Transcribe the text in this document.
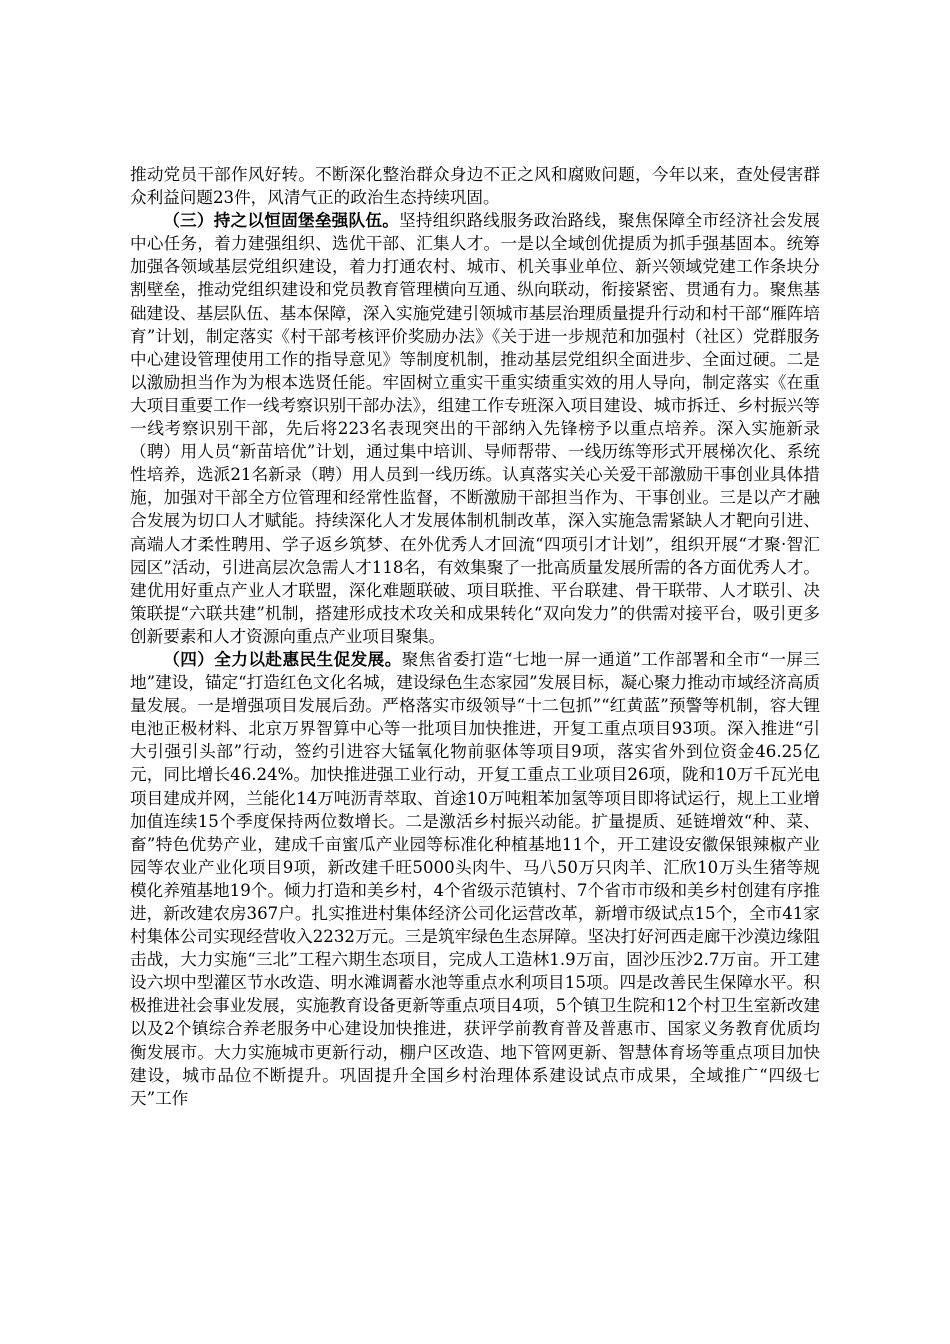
推动党员干部作风好转。不断深化整治群众身边不正之风和腐败问题，今年以来，查处侵害群众利益问题23件，风清气正的政治生态持续巩固。

（三）持之以恒固堡垒强队伍。坚持组织路线服务政治路线，聚焦保障全市经济社会发展中心任务，着力建强组织、选优干部、汇集人才。一是以全域创优提质为抓手强基固本。统筹加强各领域基层党组织建设，着力打通农村、城市、机关事业单位、新兴领域党建工作条块分割壁垒，推动党组织建设和党员教育管理横向互通、纵向联动，衔接紧密、贯通有力。聚焦基础建设、基层队伍、基本保障，深入实施党建引领城市基层治理质量提升行动和村干部“雁阵培育”计划，制定落实《村干部考核评价奖励办法》《关于进一步规范和加强村（社区）党群服务中心建设管理使用工作的指导意见》等制度机制，推动基层党组织全面进步、全面过硬。二是以激励担当作为为根本选贤任能。牢固树立重实干重实绩重实效的用人导向，制定落实《在重大项目重要工作一线考察识别干部办法》，组建工作专班深入项目建设、城市拆迁、乡村振兴等一线考察识别干部，先后将223名表现突出的干部纳入先锋榜予以重点培养。深入实施新录（聘）用人员“新苗培优”计划，通过集中培训、导师帮带、一线历练等形式开展梯次化、系统性培养，选派21名新录（聘）用人员到一线历练。认真落实关心关爱干部激励干事创业具体措施，加强对干部全方位管理和经常性监督，不断激励干部担当作为、干事创业。三是以产才融合发展为切口人才赋能。持续深化人才发展体制机制改革，深入实施急需紧缺人才靶向引进、高端人才柔性聘用、学子返乡筑梦、在外优秀人才回流“四项引才计划”，组织开展“才聚·智汇园区”活动，引进高层次急需人才118名，有效集聚了一批高质量发展所需的各方面优秀人才。建优用好重点产业人才联盟，深化难题联破、项目联推、平台联建、骨干联带、人才联引、决策联提“六联共建”机制，搭建形成技术攻关和成果转化“双向发力”的供需对接平台，吸引更多创新要素和人才资源向重点产业项目聚集。

（四）全力以赴惠民生促发展。聚焦省委打造“七地一屏一通道”工作部署和全市“一屏三地”建设，锚定“打造红色文化名城，建设绿色生态家园”发展目标，凝心聚力推动市域经济高质量发展。一是增强项目发展后劲。严格落实市级领导“十二包抓”“红黄蓝”预警等机制，容大锂电池正极材料、北京万界智算中心等一批项目加快推进，开复工重点项目93项。深入推进“引大引强引头部”行动，签约引进容大锰氧化物前驱体等项目9项，落实省外到位资金46.25亿元，同比增长46.24%。加快推进强工业行动，开复工重点工业项目26项，陇和10万千瓦光电项目建成并网，兰能化14万吨沥青萃取、首途10万吨粗苯加氢等项目即将试运行，规上工业增加值连续15个季度保持两位数增长。二是激活乡村振兴动能。扩量提质、延链增效“种、菜、畜”特色优势产业，建成千亩蜜瓜产业园等标准化种植基地11个，开工建设安徽保银辣椒产业园等农业产业化项目9项，新改建千旺5000头肉牛、马八50万只肉羊、汇欣10万头生猪等规模化养殖基地19个。倾力打造和美乡村，4个省级示范镇村、7个省市市级和美乡村创建有序推进，新改建农房367户。扎实推进村集体经济公司化运营改革，新增市级试点15个，全市41家村集体公司实现经营收入2232万元。三是筑牢绿色生态屏障。坚决打好河西走廊干沙漠边缘阻击战，大力实施“三北”工程六期生态项目，完成人工造林1.9万亩，固沙压沙2.7万亩。开工建设六坝中型灌区节水改造、明水滩调蓄水池等重点水利项目15项。四是改善民生保障水平。积极推进社会事业发展，实施教育设备更新等重点项目4项，5个镇卫生院和12个村卫生室新改建以及2个镇综合养老服务中心建设加快推进，获评学前教育普及普惠市、国家义务教育优质均衡发展市。大力实施城市更新行动，棚户区改造、地下管网更新、智慧体育场等重点项目加快建设，城市品位不断提升。巩固提升全国乡村治理体系建设试点市成果，全域推广“四级七天”工作
